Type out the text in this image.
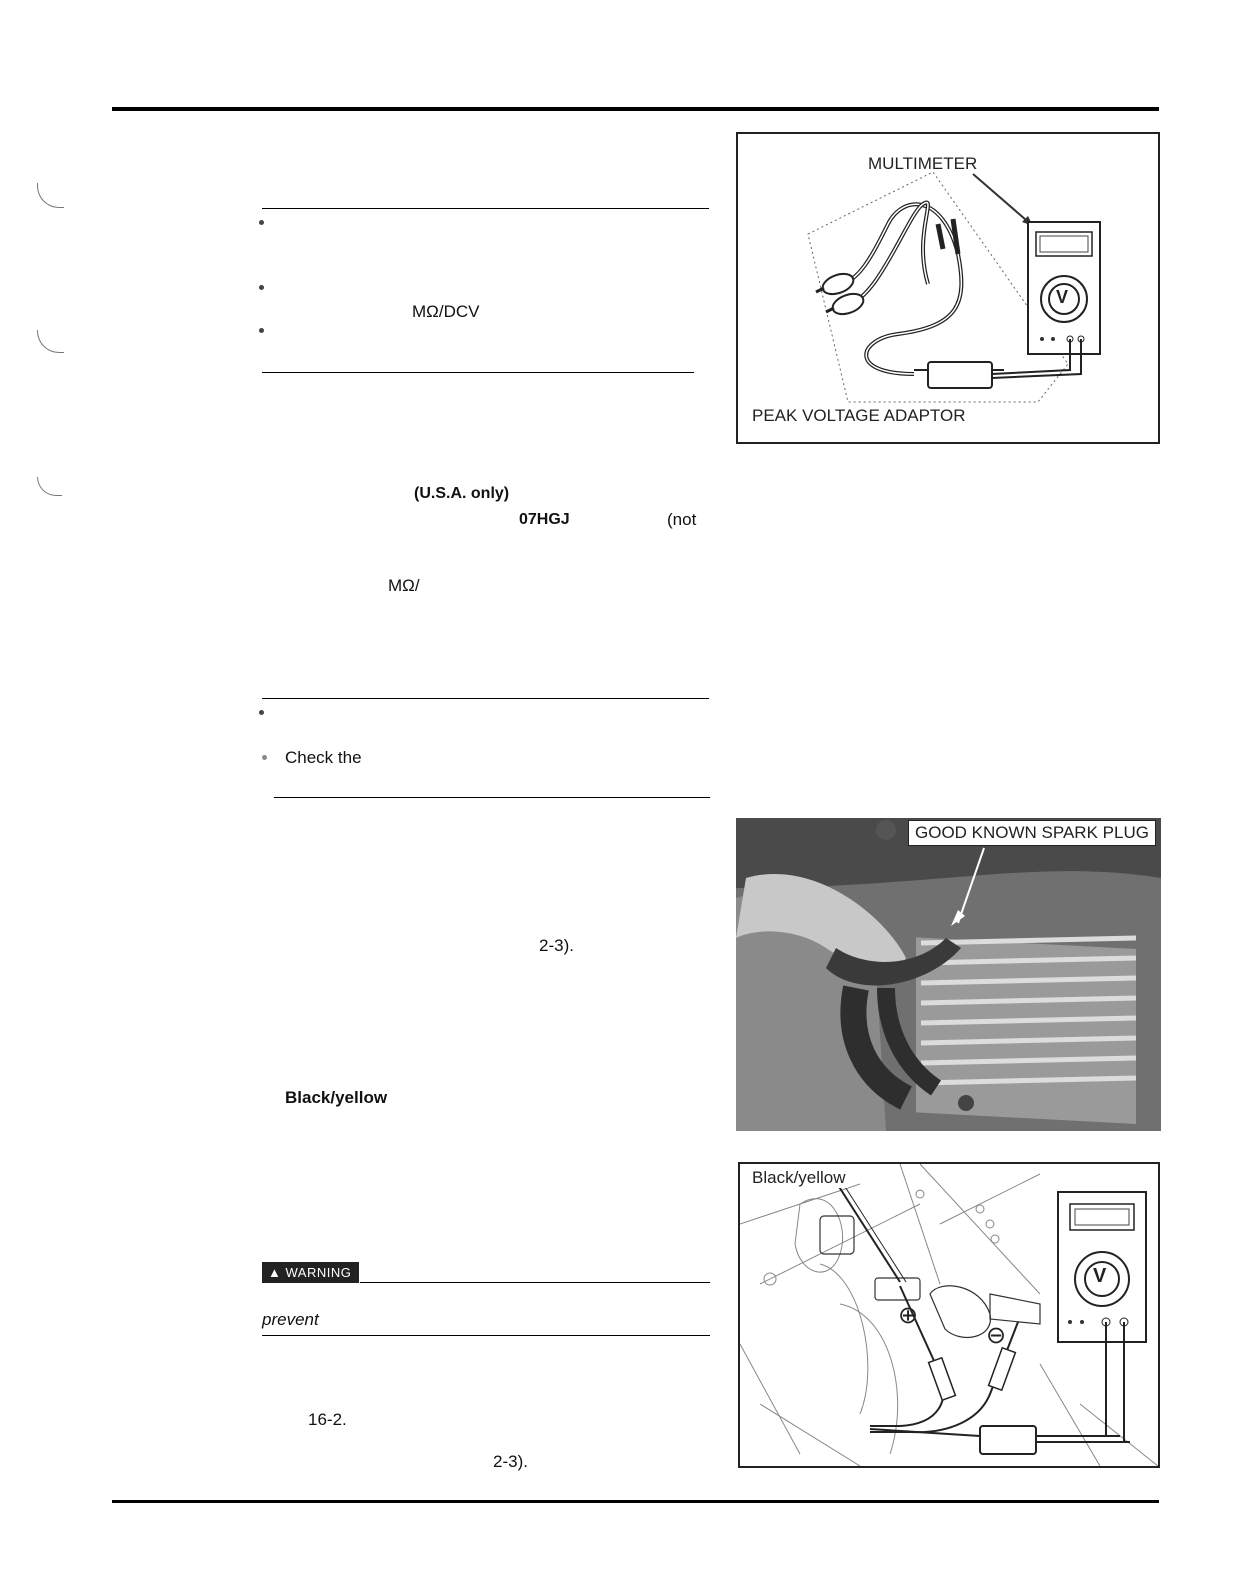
MΩ/DCV
(U.S.A. only)
07HGJ	(not
MΩ/
Check the
2-3).
Black/yellow
▲ WARNING
prevent
16-2.
2-3).
MULTIMETER
V
PEAK VOLTAGE ADAPTOR
GOOD KNOWN SPARK PLUG
Black/yellow
V
⊕
⊖
